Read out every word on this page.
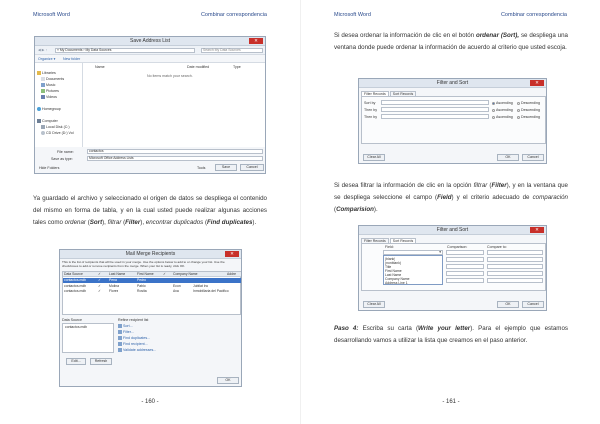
Microsoft Word	Combinar correspondencia
Save Address List	✕
◀ ▶ ↑	« My Documents › My Data Sources	Search My Data Sources
Organize ▾ New folder
Libraries
Documents
Music
Pictures
Videos
Homegroup
Computer
Local Disk (C:)
CD Drive (D:) Vol
Name	Date modified	Type
No items match your search.
File name:	contactos
Save as type:	Microsoft Office Address Lists
Hide Folders	Tools	Save	Cancel
Ya guardado el archivo y seleccionado el origen de datos se despliega el contenido del mismo en forma de tabla, y en la cual usted puede realizar algunas acciones tales como ordenar (Sort), filtrar (Filter), encontrar duplicados (Find duplicates).
Mail Merge Recipients	✕
This is the list of recipients that will be used in your merge. Use the options below to add to or change your list. Use the checkboxes to add or remove recipients from the merge. When your list is ready, click OK.
Data Source	✓ Last Name	First Name	✓ Company Name	Addre
contactos.mdb	✓ Pena	Pedro
contactos.mdb	✓ Molina	Pablo	Econ	Jubilat Inc
contactos.mdb	✓ Flores	Rosita	Ava	Inmobiliaria del Pacifico
Data Source
contactos.mdb
Edit...	Refresh
Refine recipient list
Sort...
Filter...
Find duplicates...
Find recipient...
Validate addresses...
OK
- 160 -
Microsoft Word	Combinar correspondencia
Si desea ordenar la información de clic en el botón ordenar (Sort), se despliega una ventana donde puede ordenar la información de acuerdo al criterio que usted escoja.
Filter and Sort	✕
Filter Records Sort Records
Sort by	Ascending	Descending
Then by	Ascending	Descending
Then by	Ascending	Descending
Clear All	OK	Cancel
Si desea filtrar la información de clic en la opción filtrar (Filter), y en la ventana que se despliega seleccione el campo (Field) y el criterio adecuado de comparación (Comparision).
Filter and Sort	✕
Filter Records Sort Records
Field:	Comparison:	Compare to:
▾
(blank)
(nonblank)
Title
First Name
Last Name
Company Name
Address Line 1
Clear All	OK	Cancel
Paso 4: Escriba su carta (Write your letter). Para el ejemplo que estamos desarrollando vamos a utilizar la lista que creamos en el paso anterior.
- 161 -
